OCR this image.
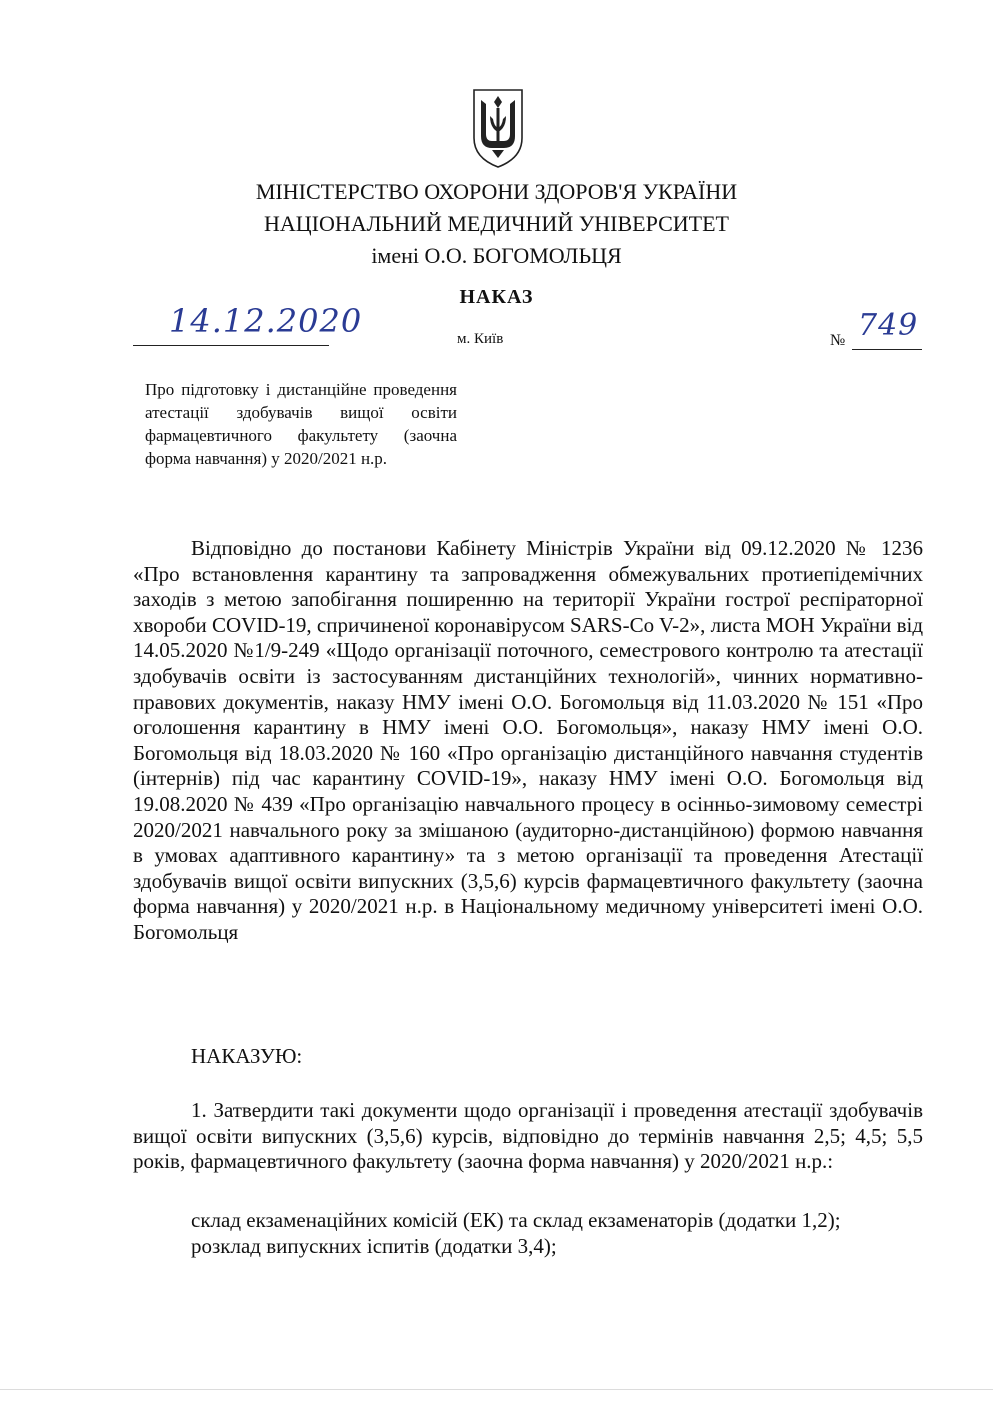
МІНІСТЕРСТВО ОХОРОНИ ЗДОРОВ'Я УКРАЇНИ
НАЦІОНАЛЬНИЙ МЕДИЧНИЙ УНІВЕРСИТЕТ
імені О.О. БОГОМОЛЬЦЯ
НАКАЗ
14.12.2020	м. Київ	№ 749
Про підготовку і дистанційне проведення атестації здобувачів вищої освіти фармацевтичного факультету (заочна форма навчання) у 2020/2021 н.р.

Відповідно до постанови Кабінету Міністрів України від 09.12.2020 № 1236 «Про встановлення карантину та запровадження обмежувальних протиепідемічних заходів з метою запобігання поширенню на території України гострої респіраторної хвороби COVID-19, спричиненої коронавірусом SARS-Co V-2», листа МОН України від 14.05.2020 №1/9-249 «Щодо організації поточного, семестрового контролю та атестації здобувачів освіти із застосуванням дистанційних технологій», чинних нормативно-правових документів, наказу НМУ імені О.О. Богомольця від 11.03.2020 № 151 «Про оголошення карантину в НМУ імені О.О. Богомольця», наказу НМУ імені О.О. Богомольця від 18.03.2020 № 160 «Про організацію дистанційного навчання студентів (інтернів) під час карантину COVID-19», наказу НМУ імені О.О. Богомольця від 19.08.2020 № 439 «Про організацію навчального процесу в осінньо-зимовому семестрі 2020/2021 навчального року за змішаною (аудиторно-дистанційною) формою навчання в умовах адаптивного карантину» та з метою організації та проведення Атестації здобувачів вищої освіти випускних (3,5,6) курсів фармацевтичного факультету (заочна форма навчання) у 2020/2021 н.р. в Національному медичному університеті імені О.О. Богомольця

НАКАЗУЮ:

1. Затвердити такі документи щодо організації і проведення атестації здобувачів вищої освіти випускних (3,5,6) курсів, відповідно до термінів навчання 2,5; 4,5; 5,5 років, фармацевтичного факультету (заочна форма навчання) у 2020/2021 н.р.:

склад екзаменаційних комісій (ЕК) та склад екзаменаторів (додатки 1,2);
розклад випускних іспитів (додатки 3,4);
